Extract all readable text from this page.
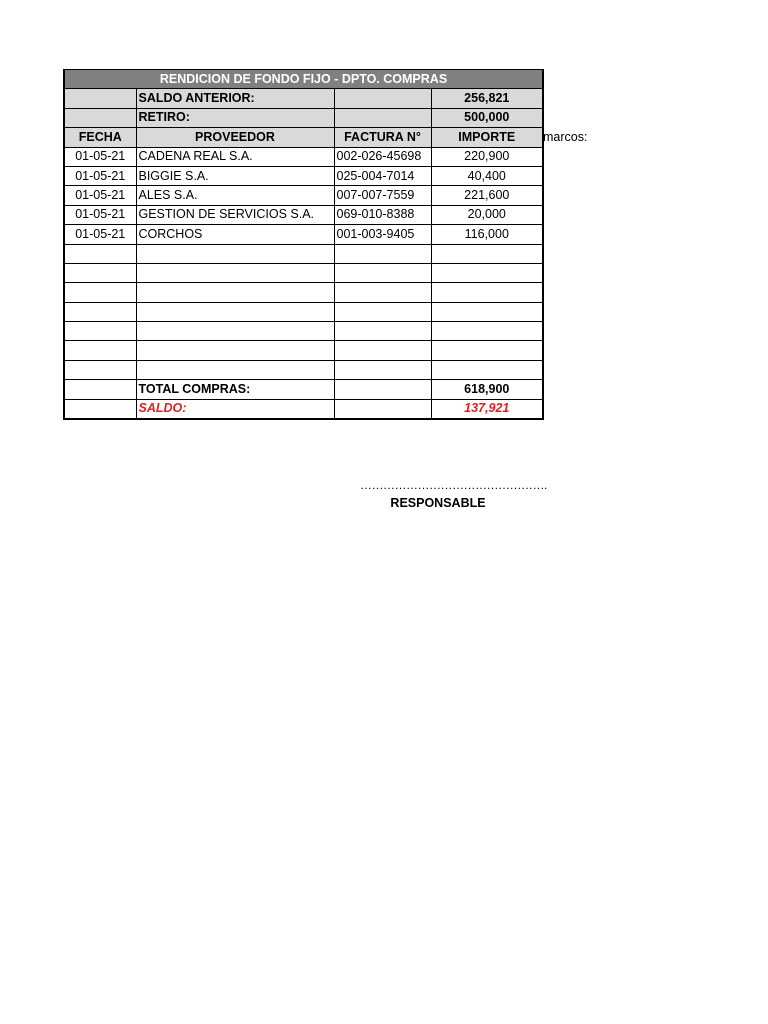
RENDICION DE FONDO FIJO - DPTO. COMPRAS			
	SALDO ANTERIOR:		256,821
	RETIRO:		500,000
FECHA	PROVEEDOR	FACTURA N°	IMPORTE
01-05-21	CADENA REAL S.A.	002-026-45698	220,900
01-05-21	BIGGIE S.A.	025-004-7014	40,400
01-05-21	ALES S.A.	007-007-7559	221,600
01-05-21	GESTION DE SERVICIOS S.A.	069-010-8388	20,000
01-05-21	CORCHOS	001-003-9405	116,000

	TOTAL COMPRAS:		618,900
	SALDO:		137,921
marcos:
………………………………………….
RESPONSABLE
